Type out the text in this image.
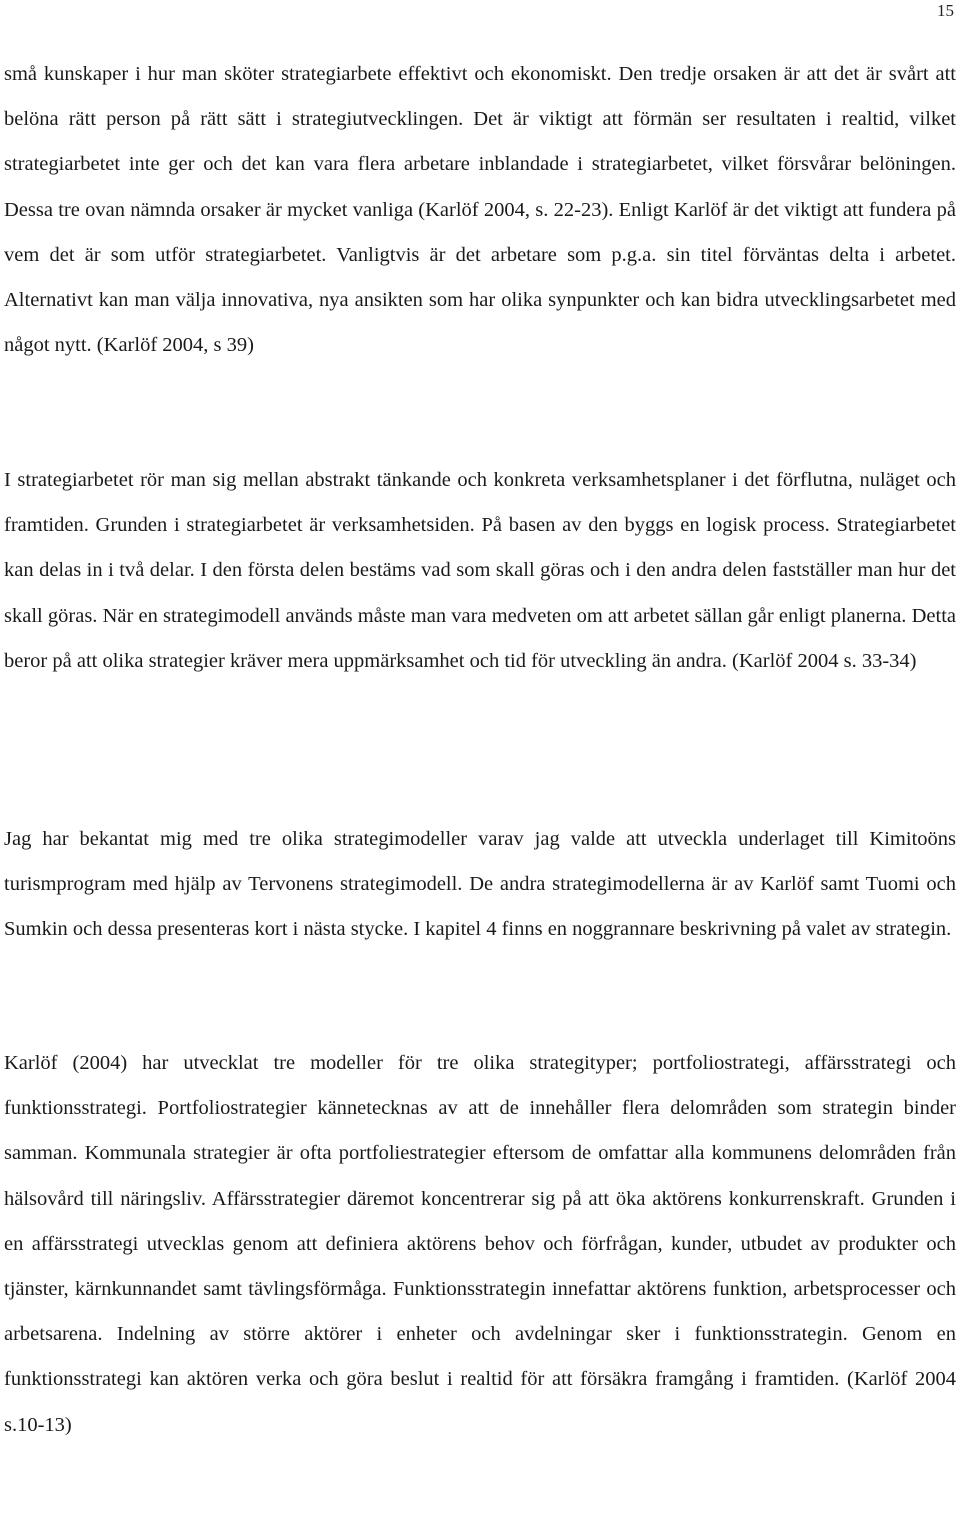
15

små kunskaper i hur man sköter strategiarbete effektivt och ekonomiskt. Den tredje orsaken är att det är svårt att belöna rätt person på rätt sätt i strategiutvecklingen. Det är viktigt att förmän ser resultaten i realtid, vilket strategiarbetet inte ger och det kan vara flera arbetare inblandade i strategiarbetet, vilket försvårar belöningen. Dessa tre ovan nämnda orsaker är mycket vanliga (Karlöf 2004, s. 22-23). Enligt Karlöf är det viktigt att fundera på vem det är som utför strategiarbetet. Vanligtvis är det arbetare som p.g.a. sin titel förväntas delta i arbetet. Alternativt kan man välja innovativa, nya ansikten som har olika synpunkter och kan bidra utvecklingsarbetet med något nytt. (Karlöf 2004, s 39)

I strategiarbetet rör man sig mellan abstrakt tänkande och konkreta verksamhetsplaner i det förflutna, nuläget och framtiden. Grunden i strategiarbetet är verksamhetsiden. På basen av den byggs en logisk process. Strategiarbetet kan delas in i två delar. I den första delen bestäms vad som skall göras och i den andra delen fastställer man hur det skall göras. När en strategimodell används måste man vara medveten om att arbetet sällan går enligt planerna. Detta beror på att olika strategier kräver mera uppmärksamhet och tid för utveckling än andra. (Karlöf 2004 s. 33-34)

Jag har bekantat mig med tre olika strategimodeller varav jag valde att utveckla underlaget till Kimitoöns turismprogram med hjälp av Tervonens strategimodell. De andra strategimodellerna är av Karlöf samt Tuomi och Sumkin och dessa presenteras kort i nästa stycke. I kapitel 4 finns en noggrannare beskrivning på valet av strategin.

Karlöf (2004) har utvecklat tre modeller för tre olika strategityper; portfoliostrategi, affärsstrategi och funktionsstrategi. Portfoliostrategier kännetecknas av att de innehåller flera delområden som strategin binder samman. Kommunala strategier är ofta portfoliestrategier eftersom de omfattar alla kommunens delområden från hälsovård till näringsliv. Affärsstrategier däremot koncentrerar sig på att öka aktörens konkurrenskraft. Grunden i en affärsstrategi utvecklas genom att definiera aktörens behov och förfrågan, kunder, utbudet av produkter och tjänster, kärnkunnandet samt tävlingsförmåga. Funktionsstrategin innefattar aktörens funktion, arbetsprocesser och arbetsarena. Indelning av större aktörer i enheter och avdelningar sker i funktionsstrategin. Genom en funktionsstrategi kan aktören verka och göra beslut i realtid för att försäkra framgång i framtiden. (Karlöf 2004 s.10-13)
